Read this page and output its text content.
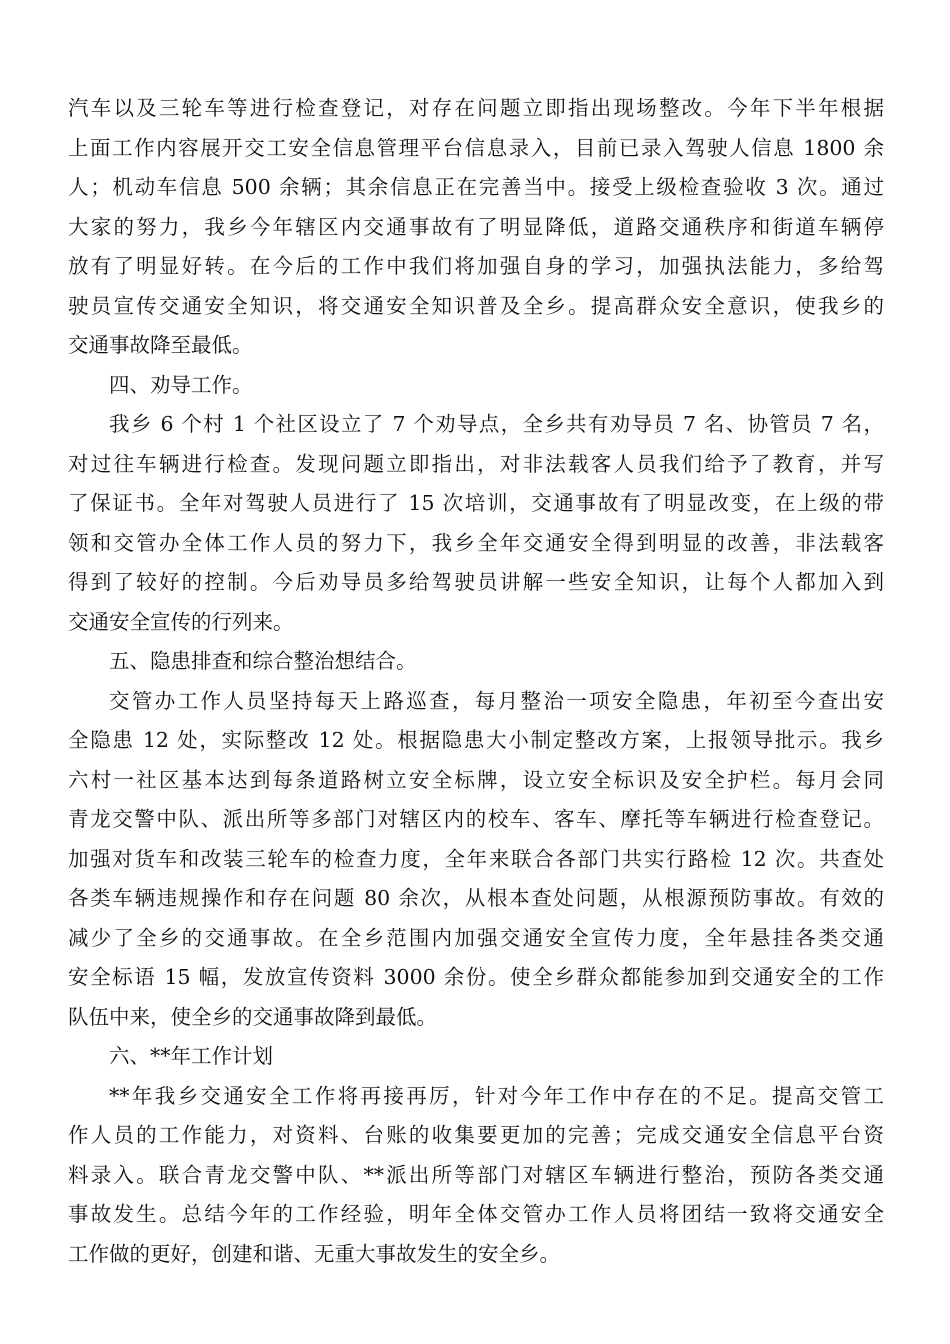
汽车以及三轮车等进行检查登记，对存在问题立即指出现场整改。今年下半年根据
上面工作内容展开交工安全信息管理平台信息录入，目前已录入驾驶人信息 1800 余
人；机动车信息 500 余辆；其余信息正在完善当中。接受上级检查验收 3 次。通过
大家的努力，我乡今年辖区内交通事故有了明显降低，道路交通秩序和街道车辆停
放有了明显好转。在今后的工作中我们将加强自身的学习，加强执法能力，多给驾
驶员宣传交通安全知识，将交通安全知识普及全乡。提高群众安全意识，使我乡的
交通事故降至最低。
四、劝导工作。
我乡 6 个村 1 个社区设立了 7 个劝导点，全乡共有劝导员 7 名、协管员 7 名，
对过往车辆进行检查。发现问题立即指出，对非法载客人员我们给予了教育，并写
了保证书。全年对驾驶人员进行了 15 次培训，交通事故有了明显改变，在上级的带
领和交管办全体工作人员的努力下，我乡全年交通安全得到明显的改善，非法载客
得到了较好的控制。今后劝导员多给驾驶员讲解一些安全知识，让每个人都加入到
交通安全宣传的行列来。
五、隐患排查和综合整治想结合。
交管办工作人员坚持每天上路巡查，每月整治一项安全隐患，年初至今查出安
全隐患 12 处，实际整改 12 处。根据隐患大小制定整改方案，上报领导批示。我乡
六村一社区基本达到每条道路树立安全标牌，设立安全标识及安全护栏。每月会同
青龙交警中队、派出所等多部门对辖区内的校车、客车、摩托等车辆进行检查登记。
加强对货车和改装三轮车的检查力度，全年来联合各部门共实行路检 12 次。共查处
各类车辆违规操作和存在问题 80 余次，从根本查处问题，从根源预防事故。有效的
减少了全乡的交通事故。在全乡范围内加强交通安全宣传力度，全年悬挂各类交通
安全标语 15 幅，发放宣传资料 3000 余份。使全乡群众都能参加到交通安全的工作
队伍中来，使全乡的交通事故降到最低。
六、**年工作计划
**年我乡交通安全工作将再接再厉，针对今年工作中存在的不足。提高交管工
作人员的工作能力，对资料、台账的收集要更加的完善；完成交通安全信息平台资
料录入。联合青龙交警中队、**派出所等部门对辖区车辆进行整治，预防各类交通
事故发生。总结今年的工作经验，明年全体交管办工作人员将团结一致将交通安全
工作做的更好，创建和谐、无重大事故发生的安全乡。
